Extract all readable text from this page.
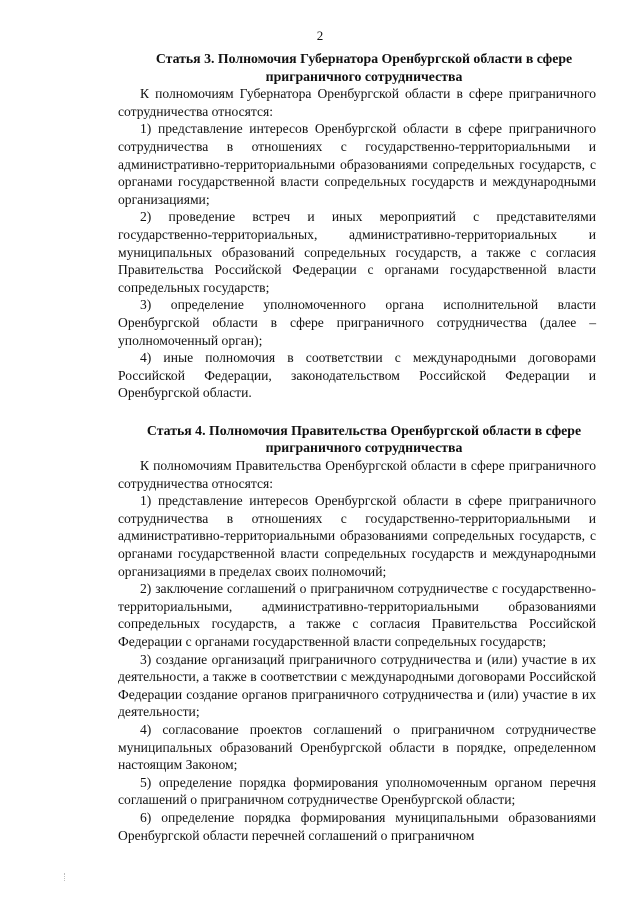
2

Статья 3. Полномочия Губернатора Оренбургской области в сфере приграничного сотрудничества

К полномочиям Губернатора Оренбургской области в сфере приграничного сотрудничества относятся:

1) представление интересов Оренбургской области в сфере приграничного сотрудничества в отношениях с государственно-территориальными и административно-территориальными образованиями сопредельных государств, с органами государственной власти сопредельных государств и международными организациями;

2) проведение встреч и иных мероприятий с представителями государственно-территориальных, административно-территориальных и муниципальных образований сопредельных государств, а также с согласия Правительства Российской Федерации с органами государственной власти сопредельных государств;

3) определение уполномоченного органа исполнительной власти Оренбургской области в сфере приграничного сотрудничества (далее – уполномоченный орган);

4) иные полномочия в соответствии с международными договорами Российской Федерации, законодательством Российской Федерации и Оренбургской области.

Статья 4. Полномочия Правительства Оренбургской области в сфере приграничного сотрудничества

К полномочиям Правительства Оренбургской области в сфере приграничного сотрудничества относятся:

1) представление интересов Оренбургской области в сфере приграничного сотрудничества в отношениях с государственно-территориальными и административно-территориальными образованиями сопредельных государств, с органами государственной власти сопредельных государств и международными организациями в пределах своих полномочий;

2) заключение соглашений о приграничном сотрудничестве с государственно-территориальными, административно-территориальными образованиями сопредельных государств, а также с согласия Правительства Российской Федерации с органами государственной власти сопредельных государств;

3) создание организаций приграничного сотрудничества и (или) участие в их деятельности, а также в соответствии с международными договорами Российской Федерации создание органов приграничного сотрудничества и (или) участие в их деятельности;

4) согласование проектов соглашений о приграничном сотрудничестве муниципальных образований Оренбургской области в порядке, определенном настоящим Законом;

5) определение порядка формирования уполномоченным органом перечня соглашений о приграничном сотрудничестве Оренбургской области;

6) определение порядка формирования муниципальными образованиями Оренбургской области перечней соглашений о приграничном
